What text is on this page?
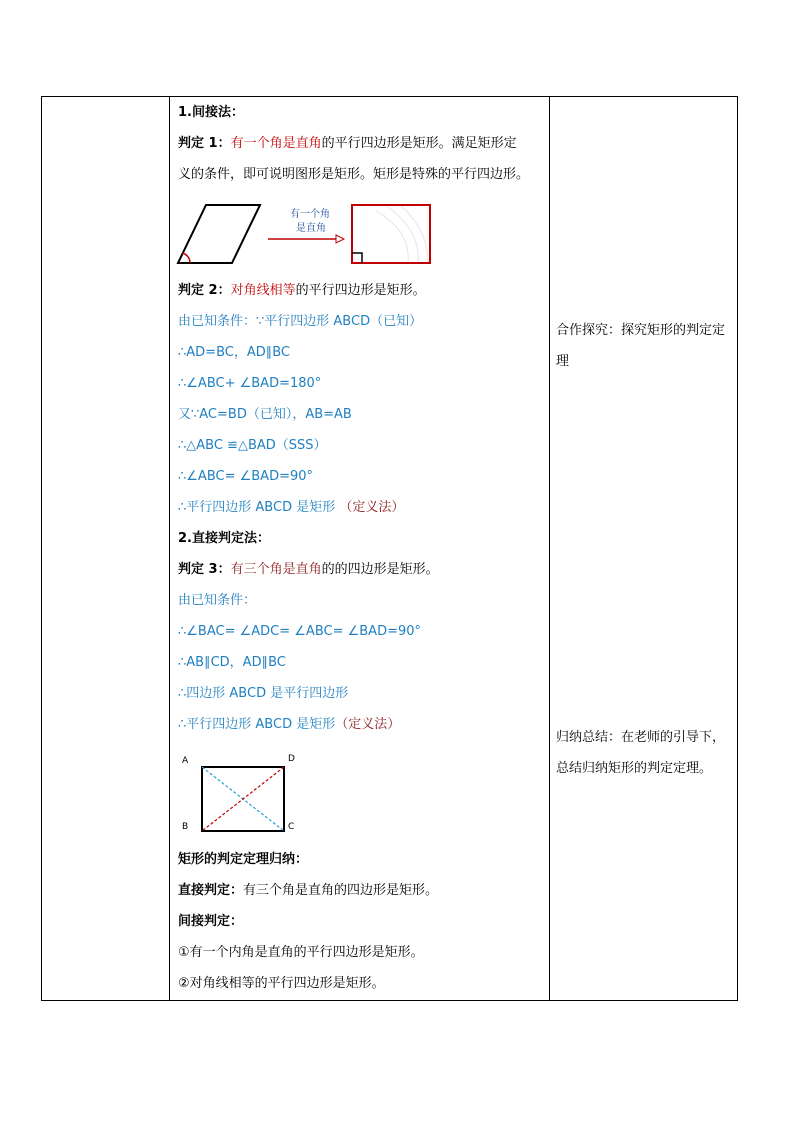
1.间接法：
判定 1：有一个角是直角的平行四边形是矩形。满足矩形定
义的条件，即可说明图形是矩形。矩形是特殊的平行四边形。
有一个角
是直角
判定 2：对角线相等的平行四边形是矩形。
由已知条件：∵平行四边形 ABCD（已知）
∴AD=BC，AD∥BC
∴∠ABC+ ∠BAD=180°
又∵AC=BD（已知），AB=AB
∴△ABC ≌△BAD（SSS）
∴∠ABC= ∠BAD=90°
∴平行四边形 ABCD 是矩形 （定义法）
2.直接判定法：
判定 3：有三个角是直角的的四边形是矩形。
由已知条件：
∴∠BAC= ∠ADC= ∠ABC= ∠BAD=90°
∴AB∥CD，AD∥BC
∴四边形 ABCD 是平行四边形
∴平行四边形 ABCD 是矩形（定义法）
A	D
B	C
矩形的判定定理归纳：
直接判定：有三个角是直角的四边形是矩形。
间接判定：
①有一个内角是直角的平行四边形是矩形。
②对角线相等的平行四边形是矩形。
合作探究：探究矩形的判定定理
归纳总结：在老师的引导下，总结归纳矩形的判定定理。
